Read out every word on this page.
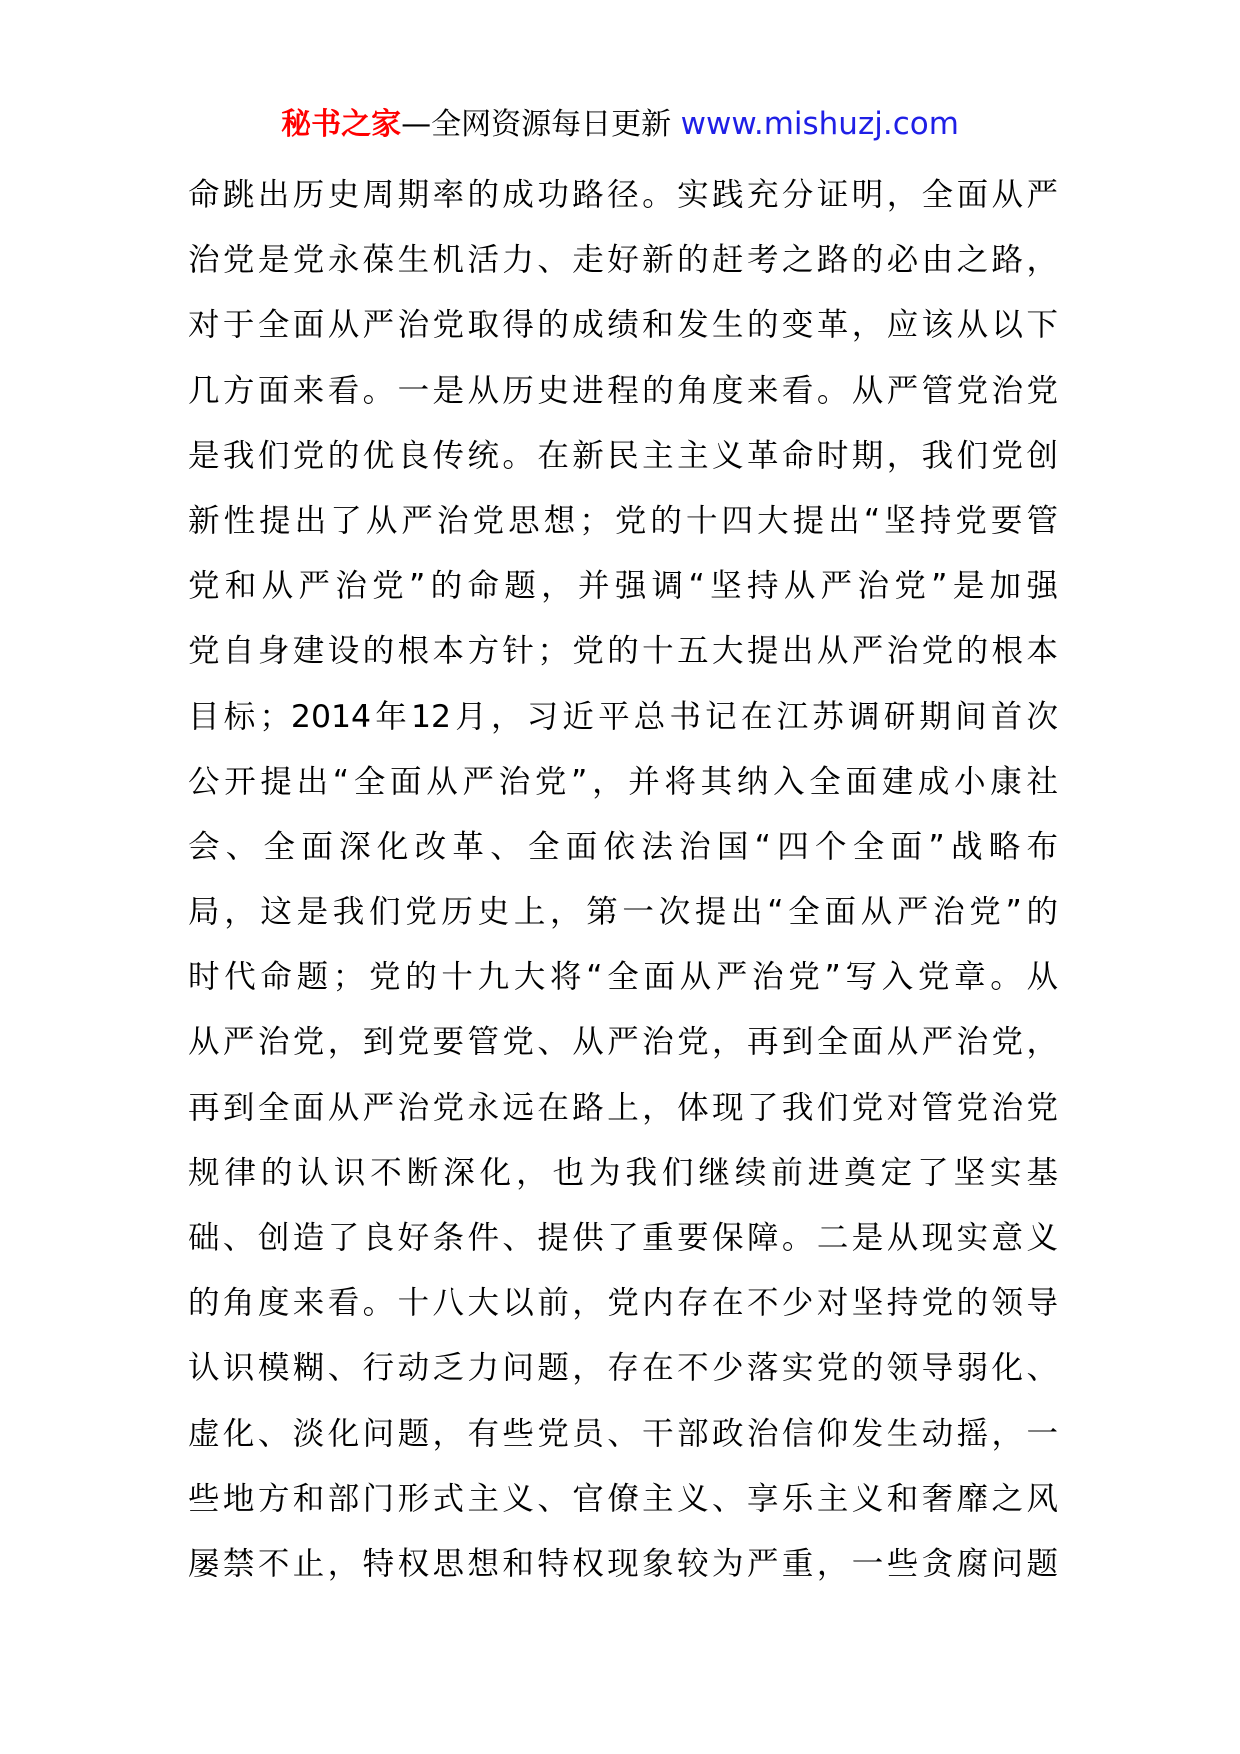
秘书之家—全网资源每日更新 www.mishuzj.com
命跳出历史周期率的成功路径。实践充分证明，全面从严
治党是党永葆生机活力、走好新的赶考之路的必由之路，
对于全面从严治党取得的成绩和发生的变革，应该从以下
几方面来看。一是从历史进程的角度来看。从严管党治党
是我们党的优良传统。在新民主主义革命时期，我们党创
新性提出了从严治党思想；党的十四大提出“坚持党要管
党和从严治党”的命题，并强调“坚持从严治党”是加强
党自身建设的根本方针；党的十五大提出从严治党的根本
目标；2014年12月，习近平总书记在江苏调研期间首次
公开提出“全面从严治党”，并将其纳入全面建成小康社
会、全面深化改革、全面依法治国“四个全面”战略布
局，这是我们党历史上，第一次提出“全面从严治党”的
时代命题；党的十九大将“全面从严治党”写入党章。从
从严治党，到党要管党、从严治党，再到全面从严治党，
再到全面从严治党永远在路上，体现了我们党对管党治党
规律的认识不断深化，也为我们继续前进奠定了坚实基
础、创造了良好条件、提供了重要保障。二是从现实意义
的角度来看。十八大以前，党内存在不少对坚持党的领导
认识模糊、行动乏力问题，存在不少落实党的领导弱化、
虚化、淡化问题，有些党员、干部政治信仰发生动摇，一
些地方和部门形式主义、官僚主义、享乐主义和奢靡之风
屡禁不止，特权思想和特权现象较为严重，一些贪腐问题
